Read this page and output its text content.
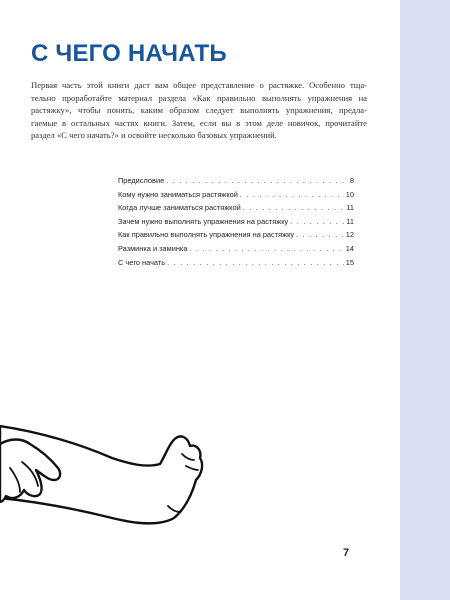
С ЧЕГО НАЧАТЬ

Первая часть этой книги даст вам общее представление о растяжке. Особенно тща-
тельно проработайте материал раздела «Как правильно выполнять упражнения на
растяжку», чтобы понять, каким образом следует выполнять упражнения, предла-
гаемые в остальных частях книги. Затем, если вы в этом деле новичок, прочитайте
раздел «С чего начать?» и освойте несколько базовых упражнений.

Предисловие . . .	8
Кому нужно заниматься растяжкой . . .	10
Когда лучше заниматься растяжкой . . .	11
Зачем нужно выполнять упражнения на растяжку . . .	11
Как правильно выполнять упражнения на растяжку . . .	12
Разминка и заминка . . .	14
С чего начать . . .	15
7
